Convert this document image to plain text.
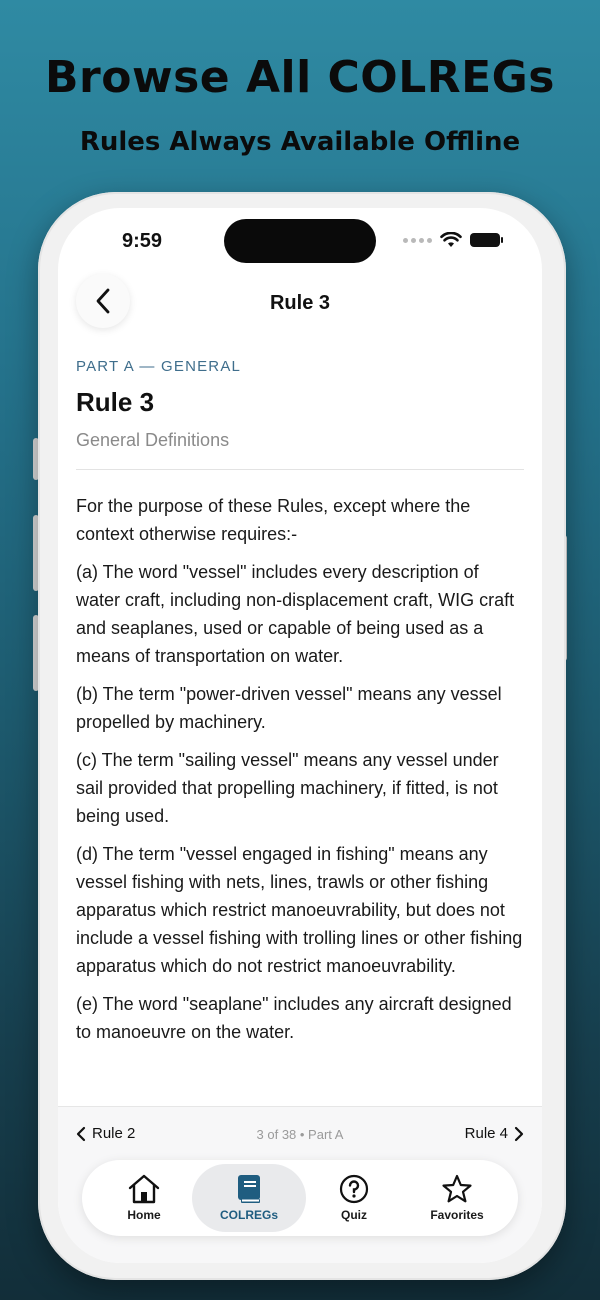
Browse All COLREGs
Rules Always Available Offline
9:59
Rule 3
PART A — GENERAL
Rule 3
General Definitions

For the purpose of these Rules, except where the context otherwise requires:-

(a) The word "vessel" includes every description of water craft, including non-displacement craft, WIG craft and seaplanes, used or capable of being used as a means of transportation on water.

(b) The term "power-driven vessel" means any vessel propelled by machinery.

(c) The term "sailing vessel" means any vessel under sail provided that propelling machinery, if fitted, is not being used.

(d) The term "vessel engaged in fishing" means any vessel fishing with nets, lines, trawls or other fishing apparatus which restrict manoeuvrability, but does not include a vessel fishing with trolling lines or other fishing apparatus which do not restrict manoeuvrability.

(e) The word "seaplane" includes any aircraft designed to manoeuvre on the water.

Rule 2	3 of 38 • Part A	Rule 4
Home	COLREGs	Quiz	Favorites
